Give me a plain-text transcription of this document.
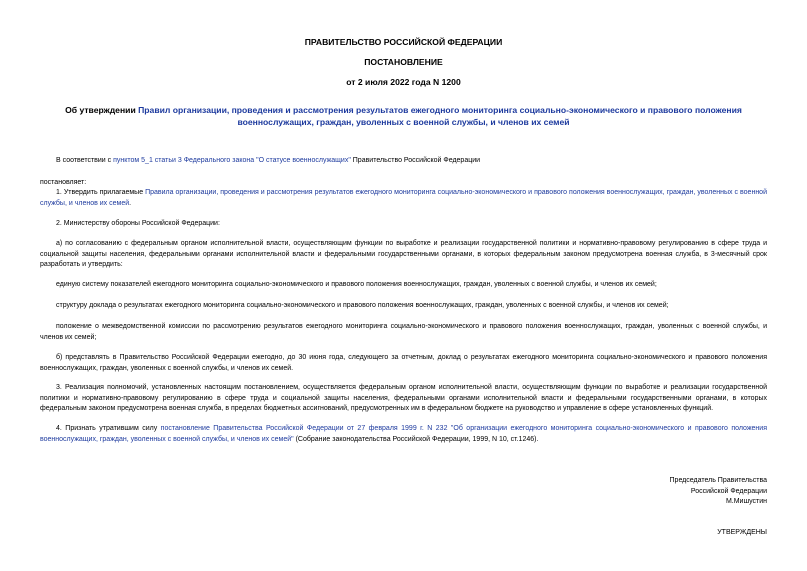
ПРАВИТЕЛЬСТВО РОССИЙСКОЙ ФЕДЕРАЦИИ
ПОСТАНОВЛЕНИЕ
от 2 июля 2022 года N 1200
Об утверждении Правил организации, проведения и рассмотрения результатов ежегодного мониторинга социально-экономического и правового положения военнослужащих, граждан, уволенных с военной службы, и членов их семей
В соответствии с пунктом 5_1 статьи 3 Федерального закона "О статусе военнослужащих" Правительство Российской Федерации
постановляет:
1. Утвердить прилагаемые Правила организации, проведения и рассмотрения результатов ежегодного мониторинга социально-экономического и правового положения военнослужащих, граждан, уволенных с военной службы, и членов их семей.
2. Министерству обороны Российской Федерации:
а) по согласованию с федеральным органом исполнительной власти, осуществляющим функции по выработке и реализации государственной политики и нормативно-правовому регулированию в сфере труда и социальной защиты населения, федеральными органами исполнительной власти и федеральными государственными органами, в которых федеральным законом предусмотрена военная служба, в 3-месячный срок разработать и утвердить:
единую систему показателей ежегодного мониторинга социально-экономического и правового положения военнослужащих, граждан, уволенных с военной службы, и членов их семей;
структуру доклада о результатах ежегодного мониторинга социально-экономического и правового положения военнослужащих, граждан, уволенных с военной службы, и членов их семей;
положение о межведомственной комиссии по рассмотрению результатов ежегодного мониторинга социально-экономического и правового положения военнослужащих, граждан, уволенных с военной службы, и членов их семей;
б) представлять в Правительство Российской Федерации ежегодно, до 30 июня года, следующего за отчетным, доклад о результатах ежегодного мониторинга социально-экономического и правового положения военнослужащих, граждан, уволенных с военной службы, и членов их семей.
3. Реализация полномочий, установленных настоящим постановлением, осуществляется федеральным органом исполнительной власти, осуществляющим функции по выработке и реализации государственной политики и нормативно-правовому регулированию в сфере труда и социальной защиты населения, федеральными органами исполнительной власти и федеральными государственными органами, в которых федеральным законом предусмотрена военная служба, в пределах бюджетных ассигнований, предусмотренных им в федеральном бюджете на руководство и управление в сфере установленных функций.
4. Признать утратившим силу постановление Правительства Российской Федерации от 27 февраля 1999 г. N 232 "Об организации ежегодного мониторинга социально-экономического и правового положения военнослужащих, граждан, уволенных с военной службы, и членов их семей" (Собрание законодательства Российской Федерации, 1999, N 10, ст.1246).
Председатель Правительства
Российской Федерации
М.Мишустин
УТВЕРЖДЕНЫ
